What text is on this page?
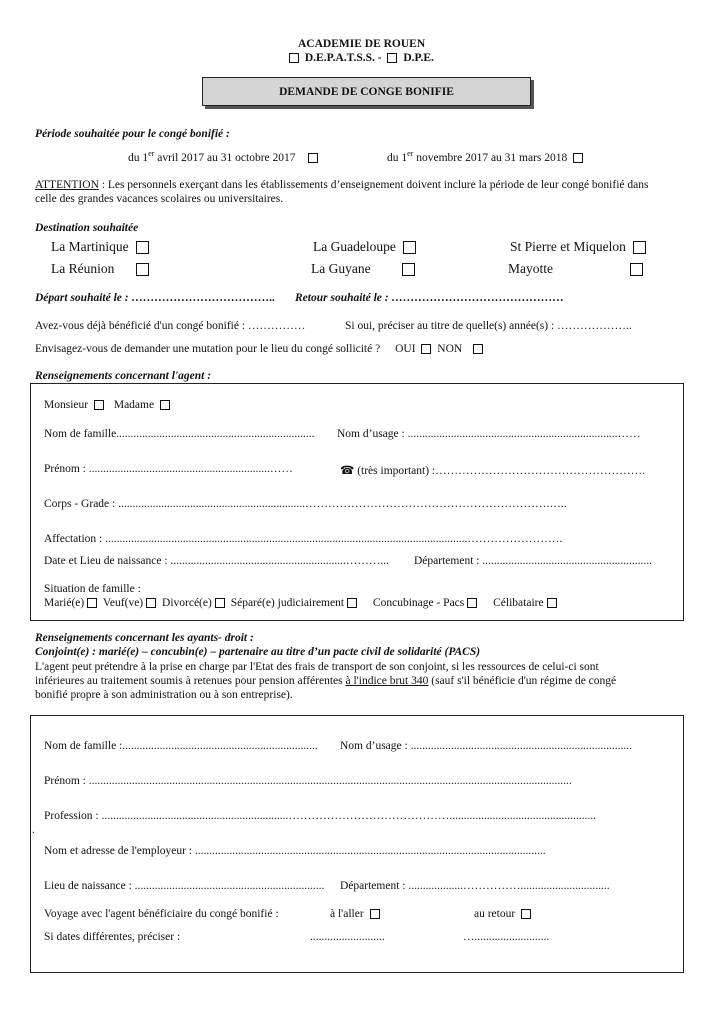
ACADEMIE DE ROUEN
D.E.P.A.T.S.S. - D.P.E.
DEMANDE DE CONGE BONIFIE
Période souhaitée pour le congé bonifié :
du 1er avril 2017 au 31 octobre 2017	du 1er novembre 2017 au 31 mars 2018
ATTENTION : Les personnels exerçant dans les établissements d’enseignement doivent inclure la période de leur congé bonifié dans
celle des grandes vacances scolaires ou universitaires.
Destination souhaitée
La Martinique	La Guadeloupe	St Pierre et Miquelon
La Réunion	La Guyane	Mayotte
Départ souhaité le : ……………………………….. Retour souhaité le : ………………………………………
Avez-vous déjà bénéficié d'un congé bonifié : ……………	Si oui, préciser au titre de quelle(s) année(s) : ………………..
Envisagez-vous de demander une mutation pour le lieu du congé sollicité ? OUI NON
Renseignements concernant l'agent :
Monsieur Madame
Nom de famille..................................................................... Nom d’usage : .........................................................................……
Prénom : ...............................................................……	☎ (très important) :……………………………………………….
Corps - Grade : .................................................................……………………………………………………….…..
Affectation : ..............................................................................................................................…………………….
Date et Lieu de naissance : .............................................................………... Département : ...........................................................
Situation de famille :
Marié(e) Veuf(ve) Divorcé(e) Séparé(e) judiciairement	Concubinage - Pacs	Célibataire
Renseignements concernant les ayants- droit :
Conjoint(e) : marié(e) – concubin(e) – partenaire au titre d’un pacte civil de solidarité (PACS)
L'agent peut prétendre à la prise en charge par l'Etat des frais de transport de son conjoint, si les ressources de celui-ci sont
inférieures au traitement soumis à retenues pour pension afférentes à l'indice brut 340 (sauf s'il bénéficie d'un régime de congé
bonifié propre à son administration ou à son entreprise).
Nom de famille :.................................................................... Nom d’usage : .............................................................................
Prénom : ........................................................................................................................................................................
Profession : .................................................................……………………………………...................................................
.
Nom et adresse de l'employeur : ..........................................................................................................................
Lieu de naissance : .................................................................. Département : ...................……………...............................
Voyage avec l'agent bénéficiaire du congé bonifié :	à l'aller	au retour
Si dates différentes, préciser :	..........................	…..........................
